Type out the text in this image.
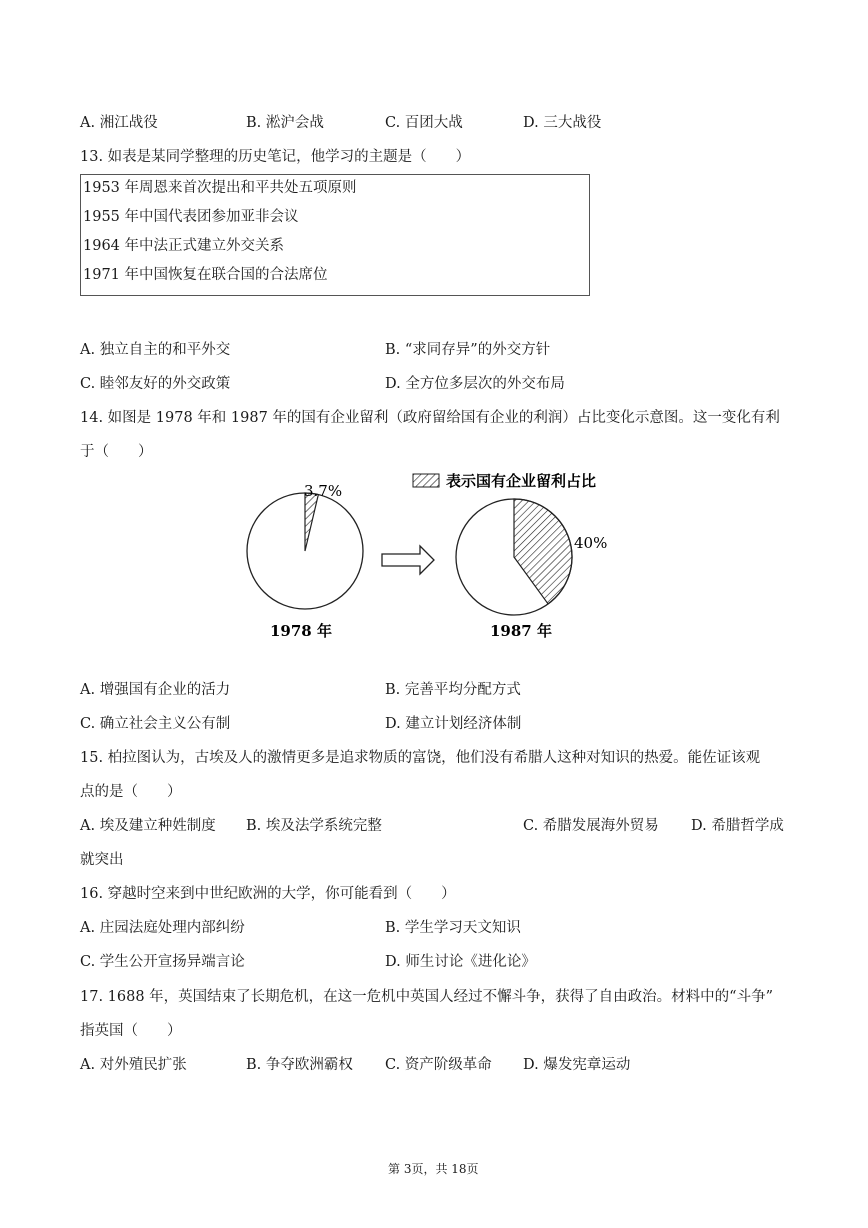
A. 湘江战役	B. 淞沪会战	C. 百团大战	D. 三大战役
13. 如表是某同学整理的历史笔记，他学习的主题是（　　）
1953 年周恩来首次提出和平共处五项原则
1955 年中国代表团参加亚非会议
1964 年中法正式建立外交关系
1971 年中国恢复在联合国的合法席位
A. 独立自主的和平外交	B. “求同存异”的外交方针
C. 睦邻友好的外交政策	D. 全方位多层次的外交布局
14. 如图是 1978 年和 1987 年的国有企业留利（政府留给国有企业的利润）占比变化示意图。这一变化有利
于（　　）
表示国有企业留利占比
3.7%
1978 年
40%
1987 年
A. 增强国有企业的活力	B. 完善平均分配方式
C. 确立社会主义公有制	D. 建立计划经济体制
15. 柏拉图认为，古埃及人的激情更多是追求物质的富饶，他们没有希腊人这种对知识的热爱。能佐证该观
点的是（　　）
A. 埃及建立种姓制度 B. 埃及法学系统完整	C. 希腊发展海外贸易 D. 希腊哲学成
就突出
16. 穿越时空来到中世纪欧洲的大学，你可能看到（　　）
A. 庄园法庭处理内部纠纷	B. 学生学习天文知识
C. 学生公开宣扬异端言论	D. 师生讨论《进化论》
17. 1688 年，英国结束了长期危机，在这一危机中英国人经过不懈斗争，获得了自由政治。材料中的“斗争”
指英国（　　）
A. 对外殖民扩张	B. 争夺欧洲霸权 C. 资产阶级革命 D. 爆发宪章运动
第 3页，共 18页
